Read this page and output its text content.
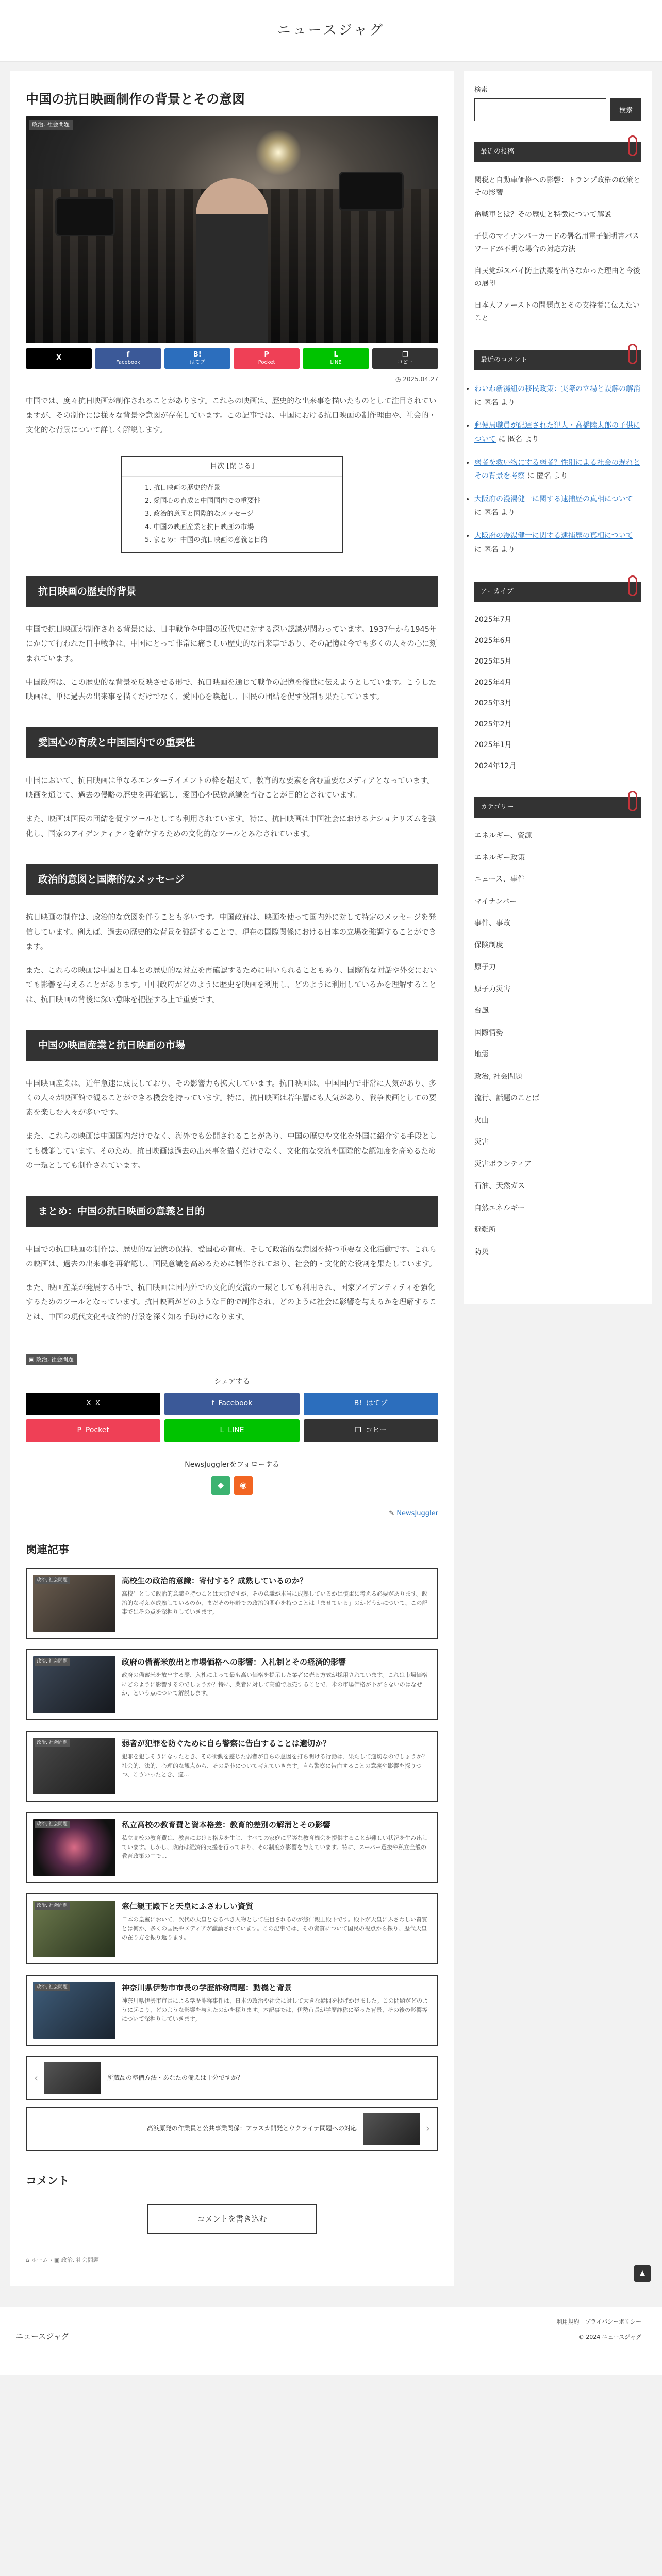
ニュースジャグ
中国の抗日映画制作の背景とその意図
政治, 社会問題
X	f
Facebook
B!
はてブ
P
Pocket
L
LINE
❐
コピー
◷ 2025.04.27

中国では、度々抗日映画が制作されることがあります。これらの映画は、歴史的な出来事を描いたものとして注目されていますが、その制作には様々な背景や意図が存在しています。この記事では、中国における抗日映画の制作理由や、社会的・文化的な背景について詳しく解説します。

目次 [閉じる]
1. 抗日映画の歴史的背景
2. 愛国心の育成と中国国内での重要性
3. 政治的意図と国際的なメッセージ
4. 中国の映画産業と抗日映画の市場
5. まとめ：中国の抗日映画の意義と目的
抗日映画の歴史的背景

中国で抗日映画が制作される背景には、日中戦争や中国の近代史に対する深い認識が関わっています。1937年から1945年にかけて行われた日中戦争は、中国にとって非常に痛ましい歴史的な出来事であり、その記憶は今でも多くの人々の心に刻まれています。

中国政府は、この歴史的な背景を反映させる形で、抗日映画を通じて戦争の記憶を後世に伝えようとしています。こうした映画は、単に過去の出来事を描くだけでなく、愛国心を喚起し、国民の団結を促す役割も果たしています。

愛国心の育成と中国国内での重要性

中国において、抗日映画は単なるエンターテイメントの枠を超えて、教育的な要素を含む重要なメディアとなっています。映画を通じて、過去の侵略の歴史を再確認し、愛国心や民族意識を育むことが目的とされています。

また、映画は国民の団結を促すツールとしても利用されています。特に、抗日映画は中国社会におけるナショナリズムを強化し、国家のアイデンティティを確立するための文化的なツールとみなされています。

政治的意図と国際的なメッセージ

抗日映画の制作は、政治的な意図を伴うことも多いです。中国政府は、映画を使って国内外に対して特定のメッセージを発信しています。例えば、過去の歴史的な背景を強調することで、現在の国際関係における日本の立場を強調することができます。

また、これらの映画は中国と日本との歴史的な対立を再確認するために用いられることもあり、国際的な対話や外交においても影響を与えることがあります。中国政府がどのように歴史を映画を利用し、どのように利用しているかを理解することは、抗日映画の背後に深い意味を把握する上で重要です。

中国の映画産業と抗日映画の市場

中国映画産業は、近年急速に成長しており、その影響力も拡大しています。抗日映画は、中国国内で非常に人気があり、多くの人々が映画館で観ることができる機会を持っています。特に、抗日映画は若年層にも人気があり、戦争映画としての要素を楽しむ人々が多いです。

また、これらの映画は中国国内だけでなく、海外でも公開されることがあり、中国の歴史や文化を外国に紹介する手段としても機能しています。そのため、抗日映画は過去の出来事を描くだけでなく、文化的な交流や国際的な認知度を高めるための一環としても制作されています。

まとめ：中国の抗日映画の意義と目的

中国での抗日映画の制作は、歴史的な記憶の保持、愛国心の育成、そして政治的な意図を持つ重要な文化活動です。これらの映画は、過去の出来事を再確認し、国民意識を高めるために制作されており、社会的・文化的な役割を果たしています。

また、映画産業が発展する中で、抗日映画は国内外での文化的交流の一環としても利用され、国家アイデンティティを強化するためのツールとなっています。抗日映画がどのような目的で制作され、どのように社会に影響を与えるかを理解することは、中国の現代文化や政治的背景を深く知る手助けになります。

▣ 政治, 社会問題
シェアする
X X	f Facebook	B! はてブ
P Pocket	L LINE	❐ コピー
NewsJugglerをフォローする
◆	◉
✎ NewsJuggler
関連記事
政治, 社会問題	高校生の政治的意識：寄付する？成熟しているのか？
高校生として政治的意識を持つことは大切ですが、その意識が本当に成熟しているかは慎重に考える必要があります。政治的な考えが成熟しているのか、まだその年齢での政治的関心を持つことは「ませている」のかどうかについて、この記事ではその点を深掘りしていきます。
政治, 社会問題	政府の備蓄米放出と市場価格への影響：入札制とその経済的影響
政府の備蓄米を放出する際、入札によって最も高い価格を提示した業者に売る方式が採用されています。これは市場価格にどのように影響するのでしょうか？特に、業者に対して高値で販売することで、米の市場価格が下がらないのはなぜか、という点について解説します。
政治, 社会問題	弱者が犯罪を防ぐために自ら警察に告白することは適切か？
犯罪を犯しそうになったとき、その衝動を感じた弱者が自らの意図を打ち明ける行動は、果たして適切なのでしょうか？社会的、法的、心理的な観点から、その是非について考えていきます。自ら警察に告白することの意義や影響を探りつつ、こういったとき、適...
政治, 社会問題	私立高校の教育費と資本格差：教育的差別の解消とその影響
私立高校の教育費は、教育における格差を生じ、すべての家庭に平等な教育機会を提供することが難しい状況を生み出しています。しかし、政府は経済的支援を行っており、その制度が影響を与えています。特に、スーパー選抜や私立全般の教育政策の中で...
政治, 社会問題	窓仁親王殿下と天皇にふさわしい資質
日本の皇室において、次代の天皇となるべき人物として注目されるのが悠仁親王殿下です。殿下が天皇にふさわしい資質とは何か、多くの国民やメディアが議論されています。この記事では、その資質について国民の視点から探り、歴代天皇の在り方を振り返ります。
政治, 社会問題	神奈川県伊勢市市長の学歴詐称問題：動機と背景
神奈川県伊勢市市長による学歴詐称事件は、日本の政治や社会に対して大きな疑問を投げかけました。この問題がどのように起こり、どのような影響を与えたのかを探ります。本記事では、伊勢市長が学歴詐称に至った背景、その後の影響等について深掘りしていきます。
‹	所蔵品の準備方法・あなたの備えは十分ですか？
高浜原発の作業員と公共事業関係：アラスカ開発とウクライナ問題への対応	›
コメント
コメントを書き込む
⌂ ホーム › ▣ 政治, 社会問題
検索
検索
最近の投稿
関税と自動車価格への影響：トランプ政権の政策とその影響
亀戦車とは？その歴史と特徴について解説
子供のマイナンバーカードの署名用電子証明書パスワードが不明な場合の対応方法
自民党がスパイ防止法案を出さなかった理由と今後の展望
日本人ファーストの問題点とその支持者に伝えたいこと
最近のコメント
• わいわ新潟組の移民政策：実際の立場と誤解の解消 に 匿名 より
• 郵便局職員が配達された犯人・高橋陸太郎の子供について に 匿名 より
• 弱者を救い物にする弱者？性別による社会の遅れとその背景を考察 に 匿名 より
• 大阪府の漫湯健一に関する逮捕歴の真相について に 匿名 より
• 大阪府の漫湯健一に関する逮捕歴の真相について に 匿名 より
アーカイブ
2025年7月
2025年6月
2025年5月
2025年4月
2025年3月
2025年2月
2025年1月
2024年12月
カテゴリー
エネルギー、資源
エネルギー政策
ニュース、事件
マイナンバー
事件、事故
保険制度
原子力
原子力災害
台風
国際情勢
地震
政治, 社会問題
流行、話題のことば
火山
災害
災害ボランティア
石油、天然ガス
自然エネルギー
避難所
防災
▲
利用規約　プライバシーポリシー
© 2024 ニュースジャグ
ニュースジャグ
